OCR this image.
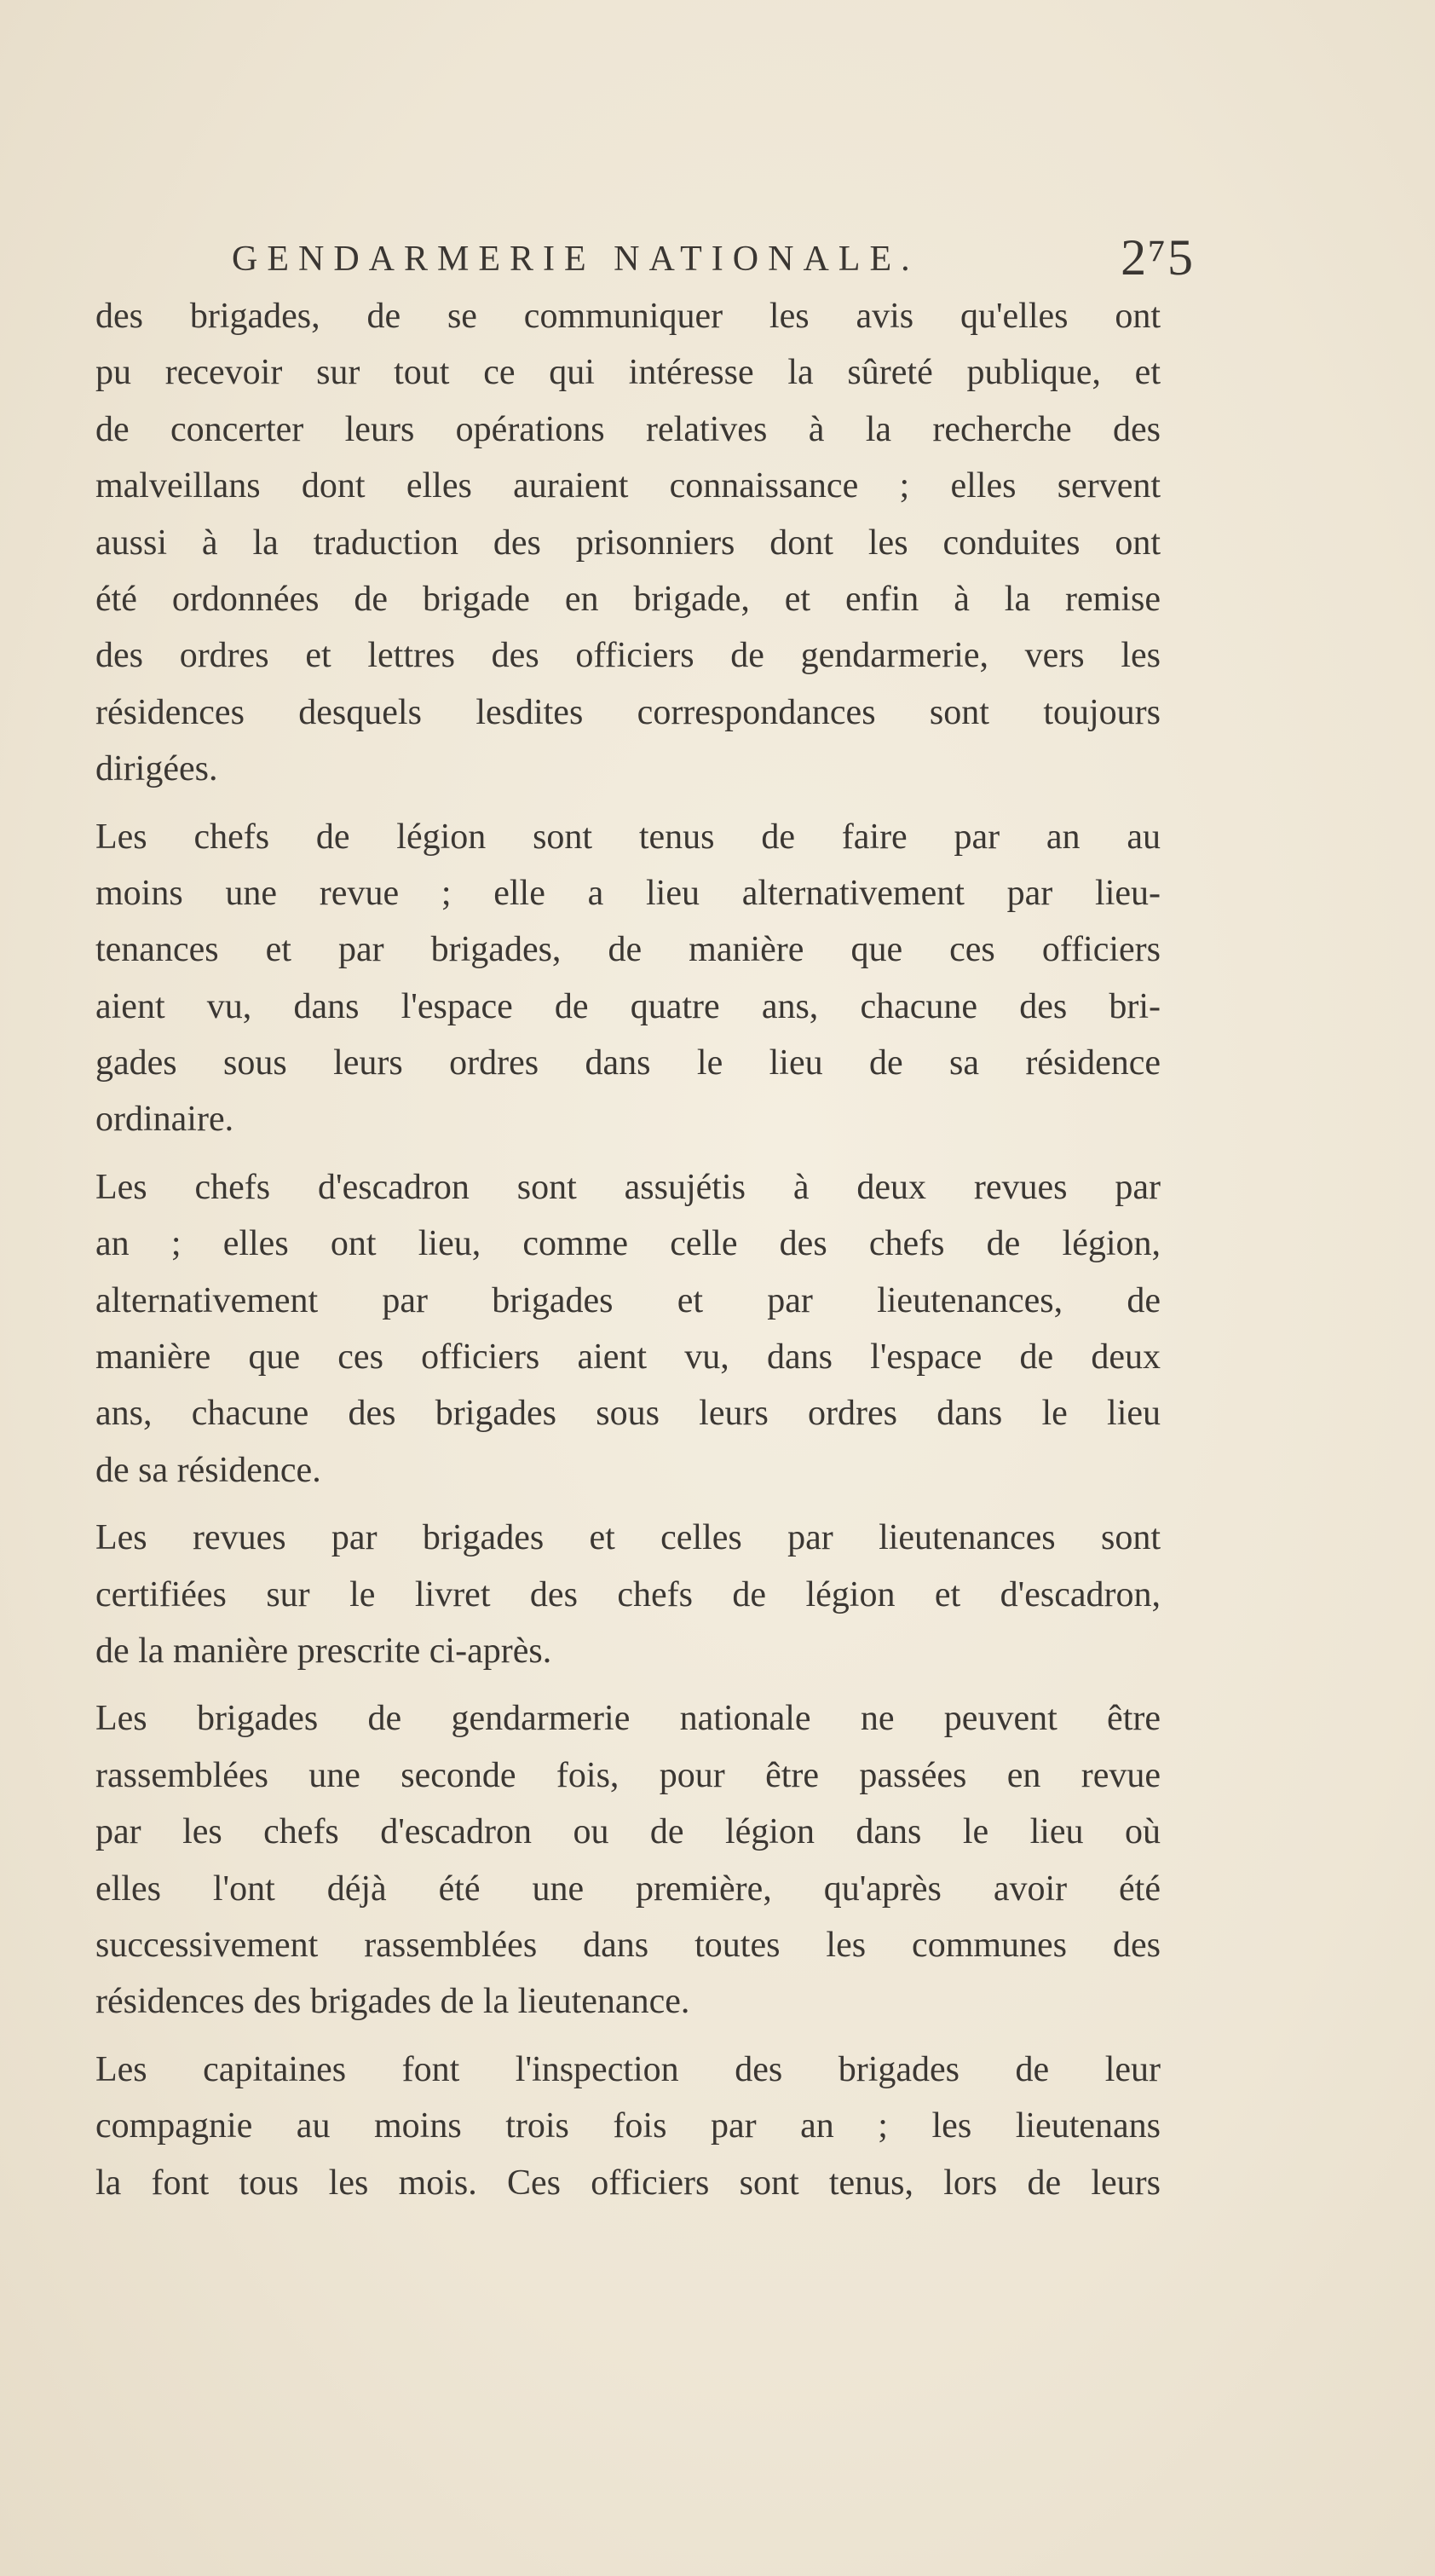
GENDARMERIE NATIONALE.	2⁷5
des brigades, de se communiquer les avis qu'elles ont
pu recevoir sur tout ce qui intéresse la sûreté publique, et
de concerter leurs opérations relatives à la recherche des
malveillans dont elles auraient connaissance ; elles servent
aussi à la traduction des prisonniers dont les conduites ont
été ordonnées de brigade en brigade, et enfin à la remise
des ordres et lettres des officiers de gendarmerie, vers les
résidences desquels lesdites correspondances sont toujours
dirigées.
Les chefs de légion sont tenus de faire par an au
moins une revue ; elle a lieu alternativement par lieu-
tenances et par brigades, de manière que ces officiers
aient vu, dans l'espace de quatre ans, chacune des bri-
gades sous leurs ordres dans le lieu de sa résidence
ordinaire.
Les chefs d'escadron sont assujétis à deux revues par
an ; elles ont lieu, comme celle des chefs de légion,
alternativement par brigades et par lieutenances, de
manière que ces officiers aient vu, dans l'espace de deux
ans, chacune des brigades sous leurs ordres dans le lieu
de sa résidence.
Les revues par brigades et celles par lieutenances sont
certifiées sur le livret des chefs de légion et d'escadron,
de la manière prescrite ci-après.
Les brigades de gendarmerie nationale ne peuvent être
rassemblées une seconde fois, pour être passées en revue
par les chefs d'escadron ou de légion dans le lieu où
elles l'ont déjà été une première, qu'après avoir été
successivement rassemblées dans toutes les communes des
résidences des brigades de la lieutenance.
Les capitaines font l'inspection des brigades de leur
compagnie au moins trois fois par an ; les lieutenans
la font tous les mois. Ces officiers sont tenus, lors de leurs
